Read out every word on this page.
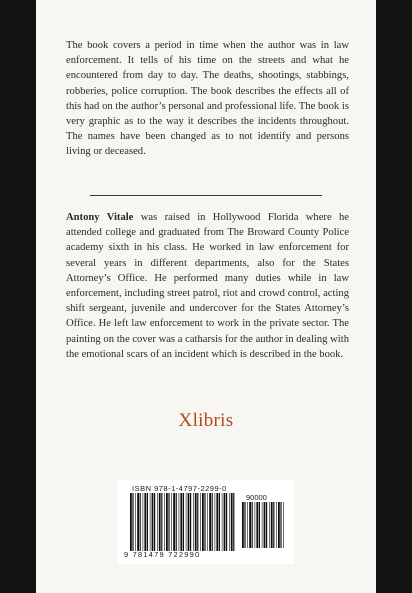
The book covers a period in time when the author was in law enforcement. It tells of his time on the streets and what he encountered from day to day. The deaths, shootings, stabbings, robberies, police corruption. The book describes the effects all of this had on the author’s personal and professional life. The book is very graphic as to the way it describes the incidents throughout. The names have been changed as to not identify and persons living or deceased.

Antony Vitale was raised in Hollywood Florida where he attended college and graduated from The Broward County Police academy sixth in his class. He worked in law enforcement for several years in different departments, also for the States Attorney’s Office. He performed many duties while in law enforcement, including street patrol, riot and crowd control, acting shift sergeant, juvenile and undercover for the States Attorney’s Office. He left law enforcement to work in the private sector. The painting on the cover was a catharsis for the author in dealing with the emotional scars of an incident which is described in the book.

Xlibris
ISBN 978-1-4797-2299-0
90000
9 781479 722990
